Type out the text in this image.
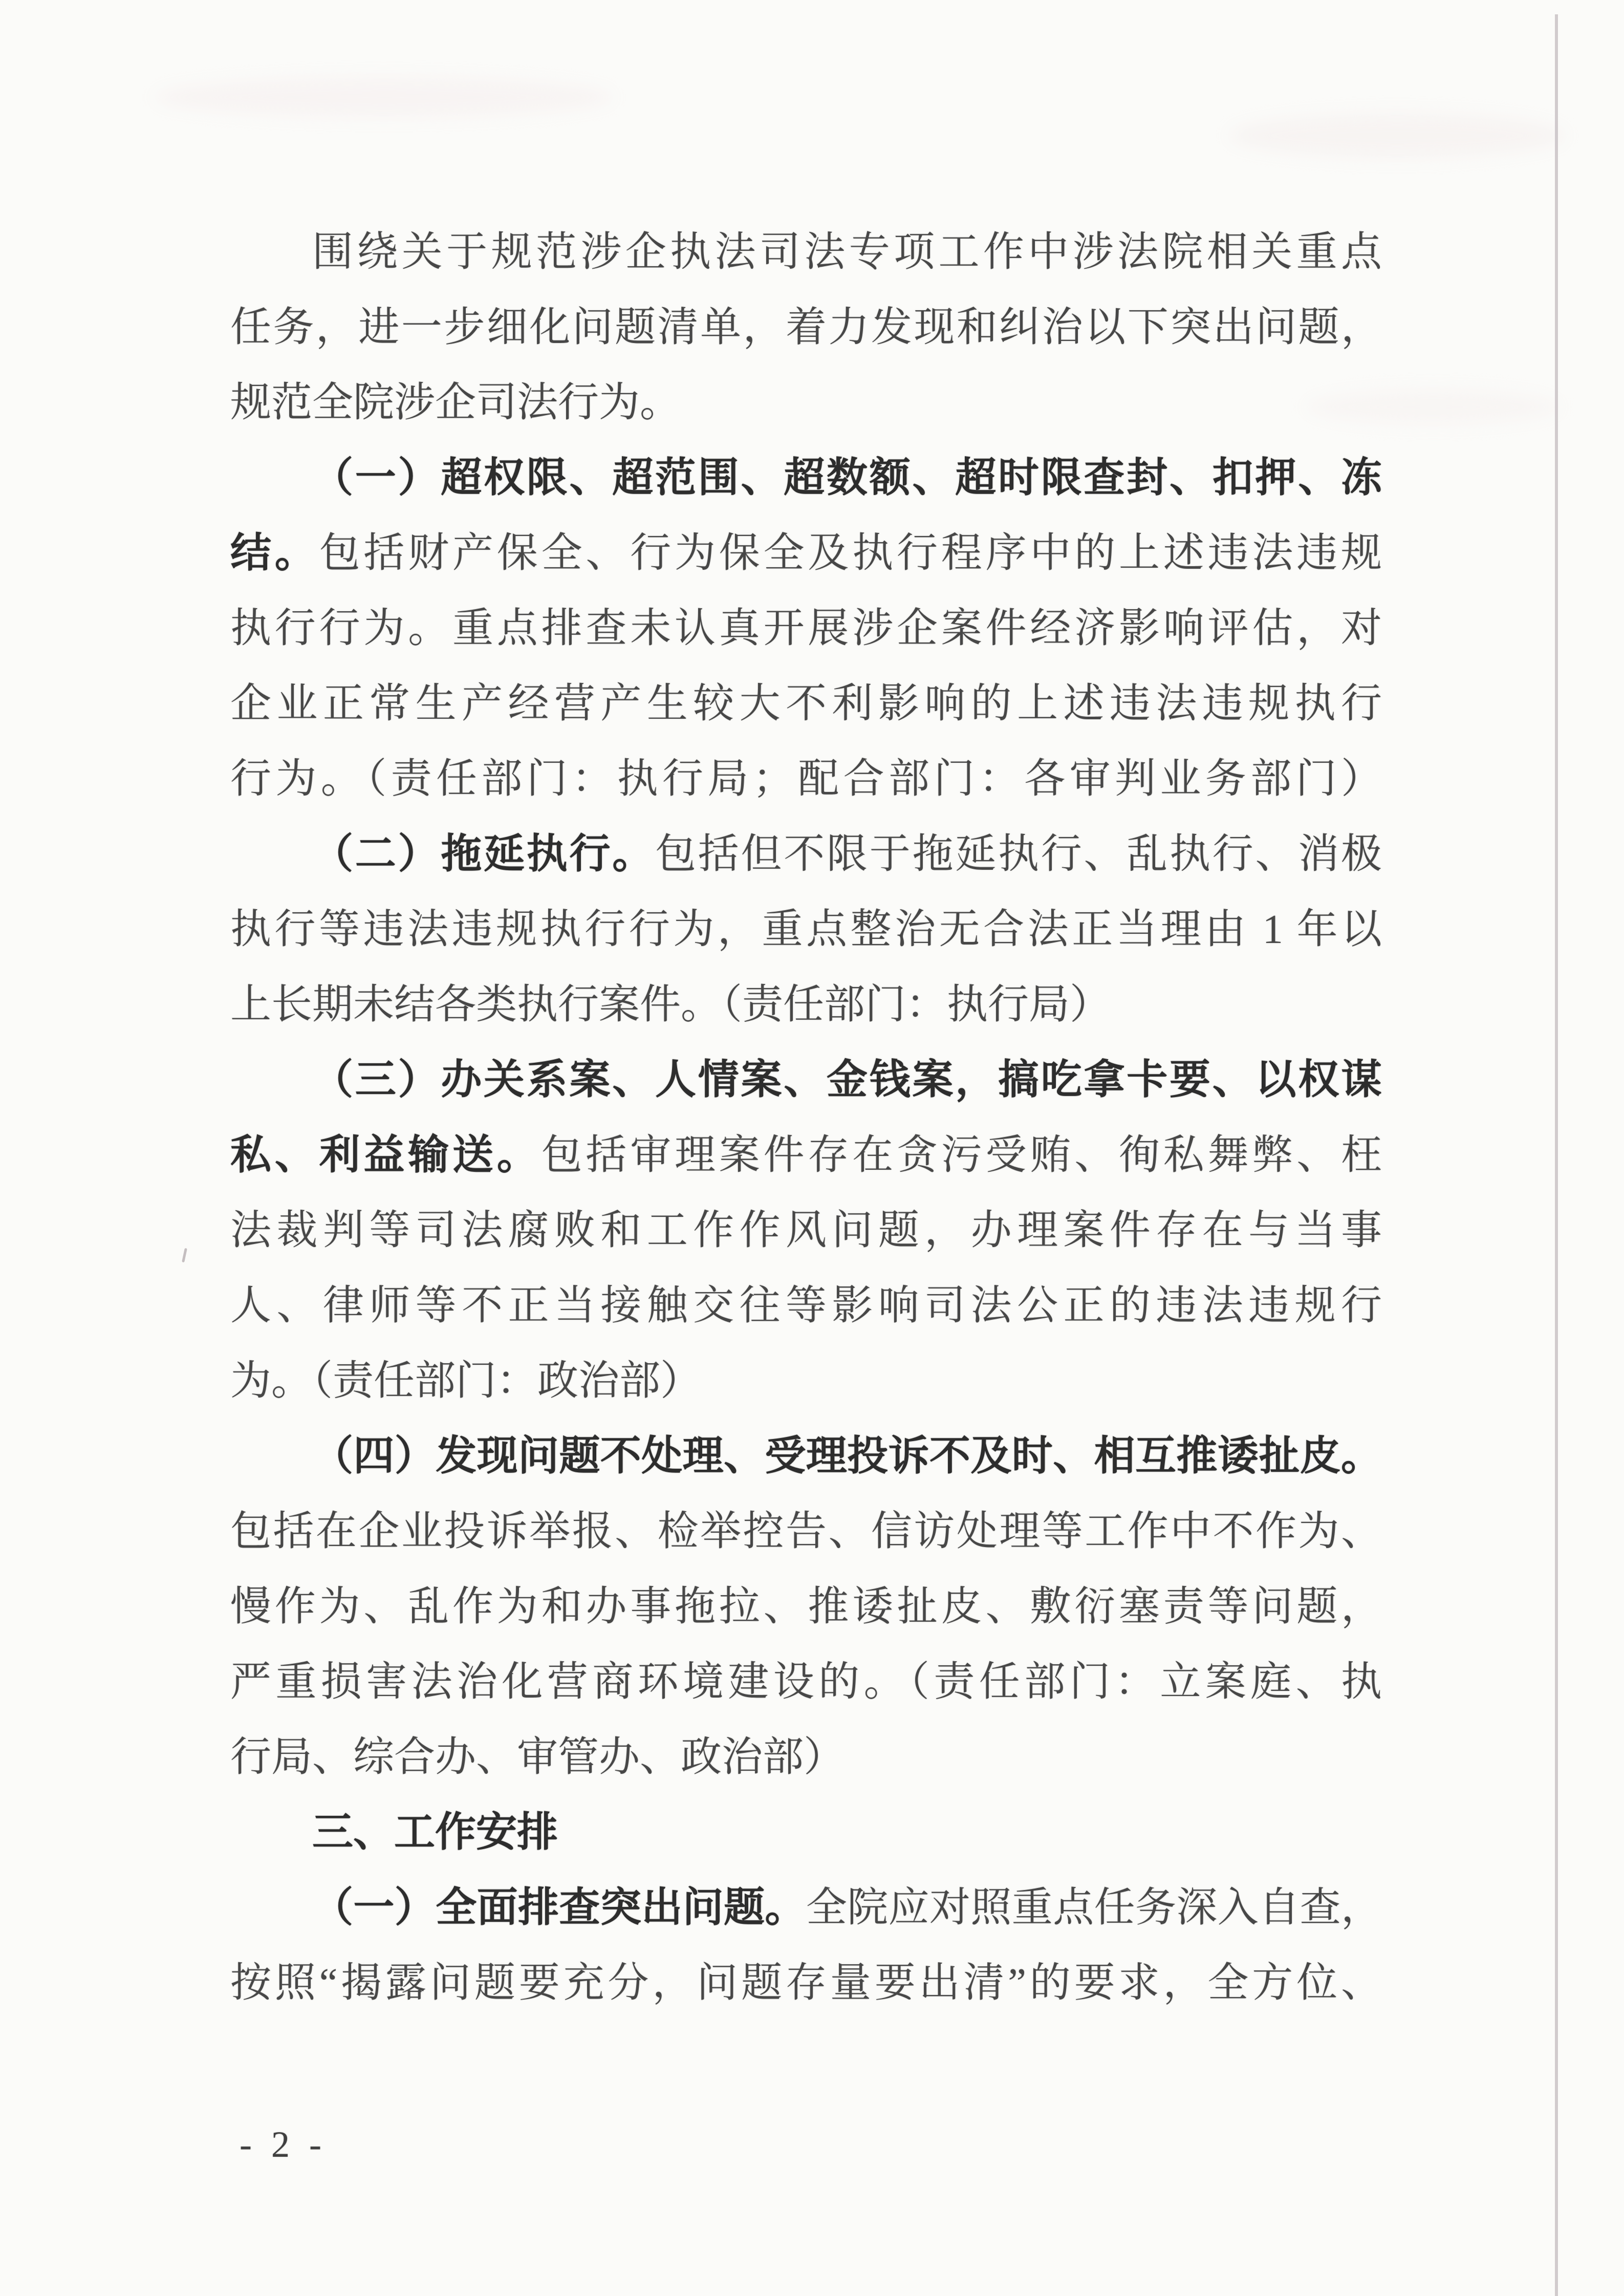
围绕关于规范涉企执法司法专项工作中涉法院相关重点
任务，进一步细化问题清单，着力发现和纠治以下突出问题，
规范全院涉企司法行为。
（一）超权限、超范围、超数额、超时限查封、扣押、冻
结。包括财产保全、行为保全及执行程序中的上述违法违规
执行行为。重点排查未认真开展涉企案件经济影响评估，对
企业正常生产经营产生较大不利影响的上述违法违规执行
行为。（责任部门：执行局；配合部门：各审判业务部门）
（二）拖延执行。包括但不限于拖延执行、乱执行、消极
执行等违法违规执行行为，重点整治无合法正当理由 1 年以
上长期未结各类执行案件。（责任部门：执行局）
（三）办关系案、人情案、金钱案，搞吃拿卡要、以权谋
私、利益输送。包括审理案件存在贪污受贿、徇私舞弊、枉
法裁判等司法腐败和工作作风问题，办理案件存在与当事
人、律师等不正当接触交往等影响司法公正的违法违规行
为。（责任部门：政治部）
（四）发现问题不处理、受理投诉不及时、相互推诿扯皮。
包括在企业投诉举报、检举控告、信访处理等工作中不作为、
慢作为、乱作为和办事拖拉、推诿扯皮、敷衍塞责等问题，
严重损害法治化营商环境建设的。（责任部门：立案庭、执
行局、综合办、审管办、政治部）
三、工作安排
（一）全面排查突出问题。全院应对照重点任务深入自查，
按照“揭露问题要充分，问题存量要出清”的要求，全方位、
- 2 -
